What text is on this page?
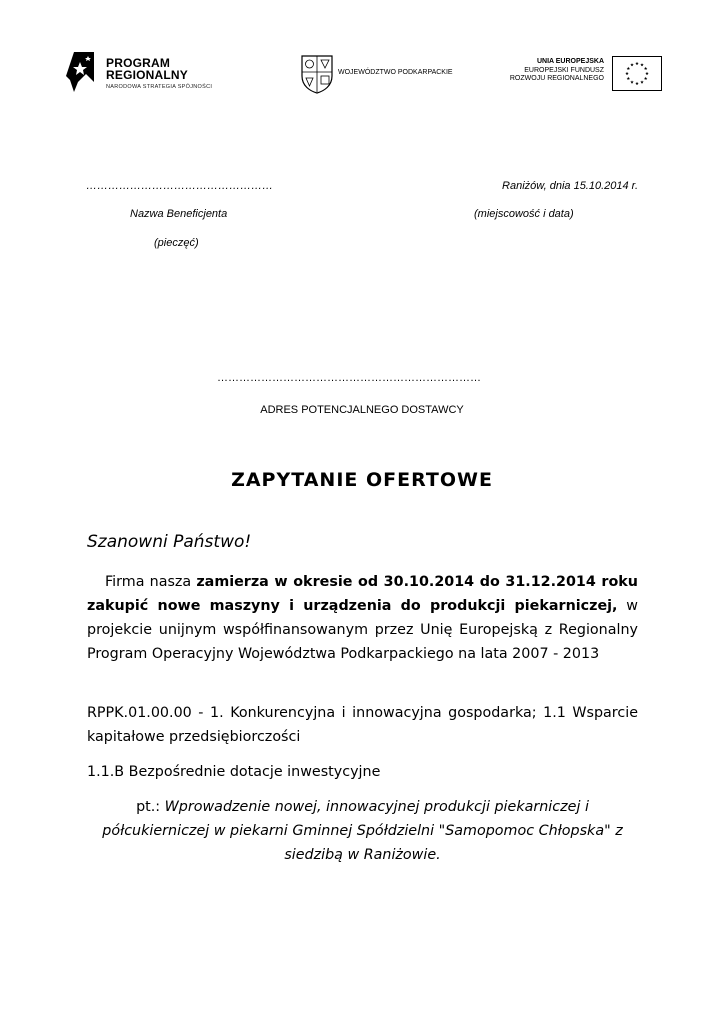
PROGRAM
REGIONALNY
NARODOWA STRATEGIA SPÓJNOŚCI
WOJEWÓDZTWO PODKARPACKIE
UNIA EUROPEJSKA
EUROPEJSKI FUNDUSZ
ROZWOJU REGIONALNEGO
……………………………………………	Raniżów, dnia 15.10.2014 r.
Nazwa Beneficjenta	(miejscowość i data)
(pieczęć)
………………………………………………………………
ADRES POTENCJALNEGO DOSTAWCY
ZAPYTANIE OFERTOWE
Szanowni Państwo!
Firma nasza zamierza w okresie od 30.10.2014 do 31.12.2014 roku zakupić nowe maszyny i urządzenia do produkcji piekarniczej, w projekcie unijnym współfinansowanym przez Unię Europejską z Regionalny Program Operacyjny Województwa Podkarpackiego na lata 2007 - 2013
RPPK.01.00.00 - 1. Konkurencyjna i innowacyjna gospodarka; 1.1 Wsparcie kapitałowe przedsiębiorczości
1.1.B Bezpośrednie dotacje inwestycyjne
pt.: Wprowadzenie nowej, innowacyjnej produkcji piekarniczej i półcukierniczej w piekarni Gminnej Spółdzielni "Samopomoc Chłopska" z siedzibą w Raniżowie.
